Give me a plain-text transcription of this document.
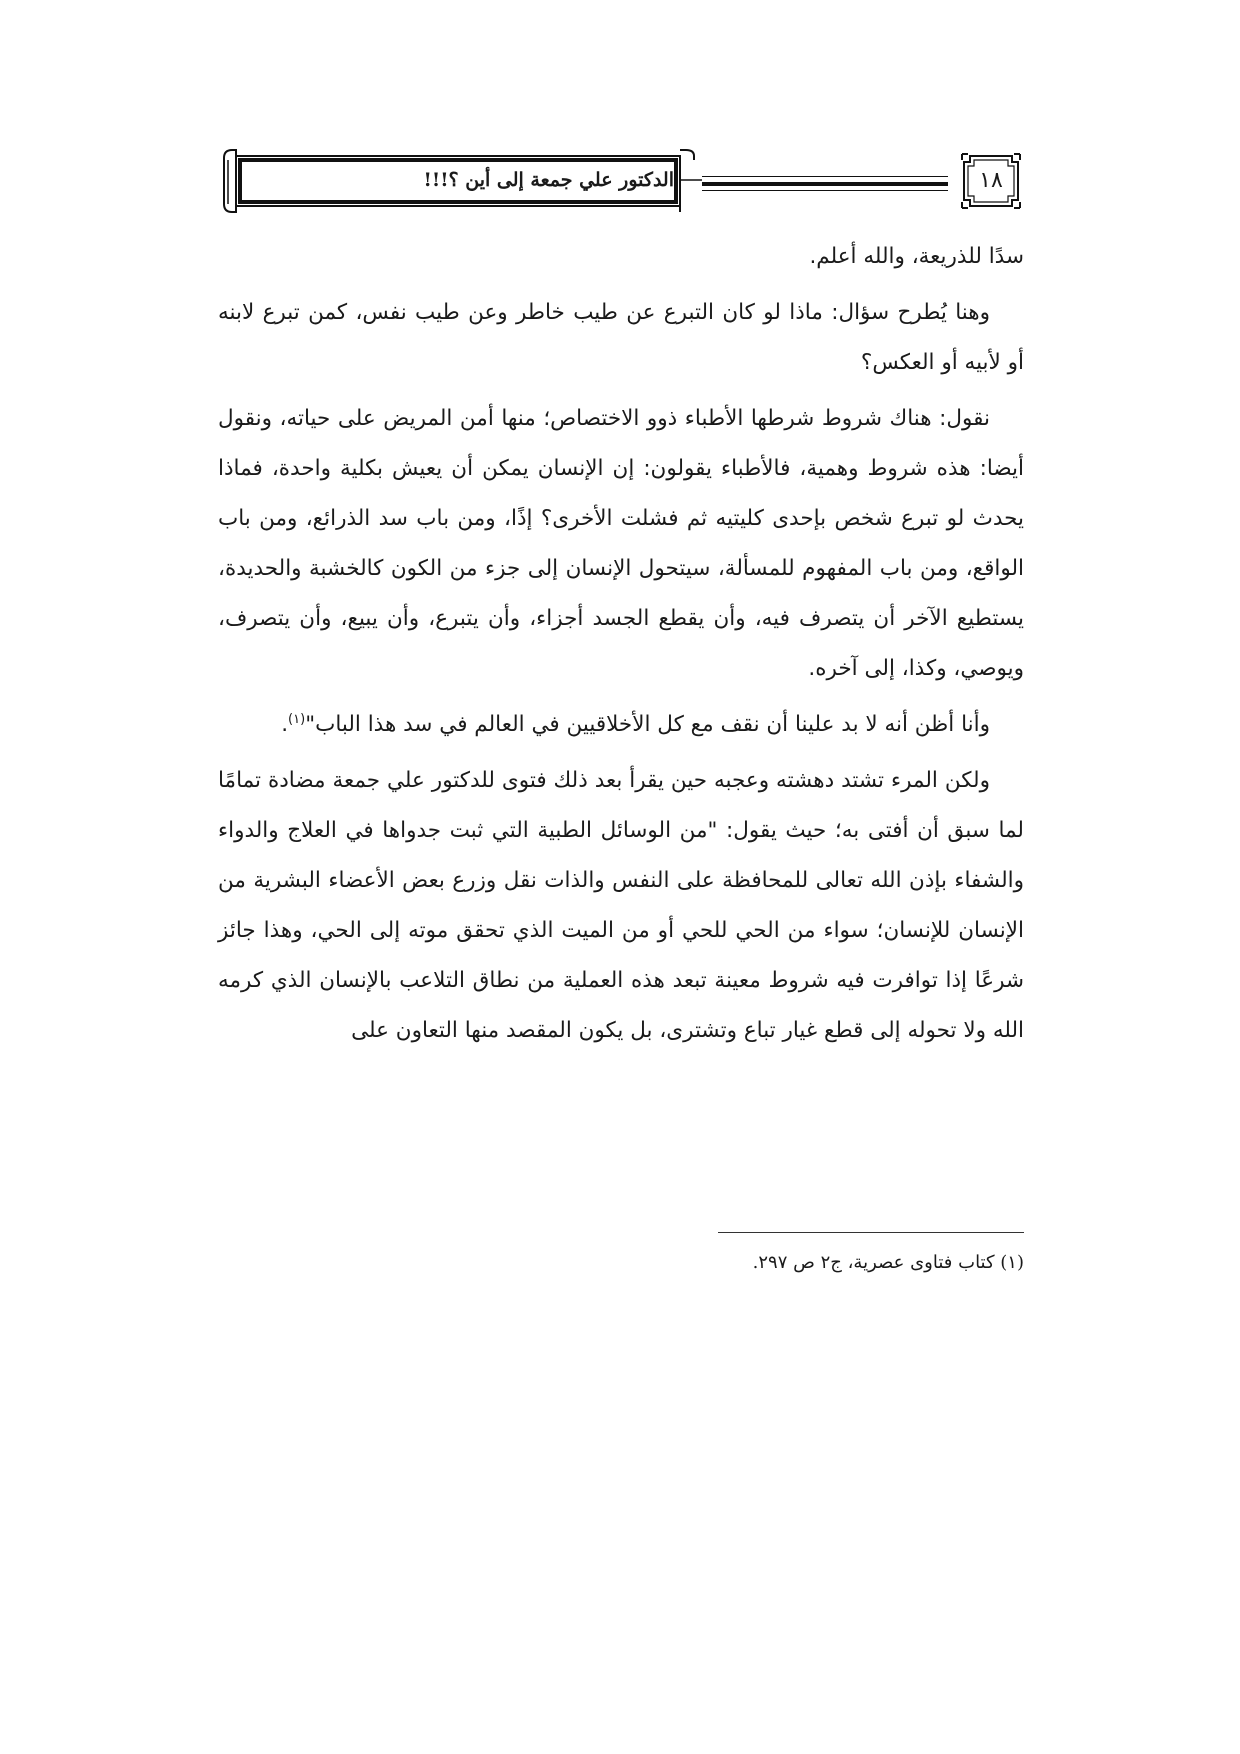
١٨
الدكتور علي جمعة إلى أين ؟!!!

سدًا للذريعة، والله أعلم.

وهنا يُطرح سؤال: ماذا لو كان التبرع عن طيب خاطر وعن طيب نفس، كمن تبرع لابنه أو لأبيه أو العكس؟

نقول: هناك شروط شرطها الأطباء ذوو الاختصاص؛ منها أمن المريض على حياته، ونقول أيضا: هذه شروط وهمية، فالأطباء يقولون: إن الإنسان يمكن أن يعيش بكلية واحدة، فماذا يحدث لو تبرع شخص بإحدى كليتيه ثم فشلت الأخرى؟ إذًا، ومن باب سد الذرائع، ومن باب الواقع، ومن باب المفهوم للمسألة، سيتحول الإنسان إلى جزء من الكون كالخشبة والحديدة، يستطيع الآخر أن يتصرف فيه، وأن يقطع الجسد أجزاء، وأن يتبرع، وأن يبيع، وأن يتصرف، ويوصي، وكذا، إلى آخره.

وأنا أظن أنه لا بد علينا أن نقف مع كل الأخلاقيين في العالم في سد هذا الباب"$^{(١)}$.

ولكن المرء تشتد دهشته وعجبه حين يقرأ بعد ذلك فتوى للدكتور علي جمعة مضادة تمامًا لما سبق أن أفتى به؛ حيث يقول: "من الوسائل الطبية التي ثبت جدواها في العلاج والدواء والشفاء بإذن الله تعالى للمحافظة على النفس والذات نقل وزرع بعض الأعضاء البشرية من الإنسان للإنسان؛ سواء من الحي للحي أو من الميت الذي تحقق موته إلى الحي، وهذا جائز شرعًا إذا توافرت فيه شروط معينة تبعد هذه العملية من نطاق التلاعب بالإنسان الذي كرمه الله ولا تحوله إلى قطع غيار تباع وتشترى، بل يكون المقصد منها التعاون على

(١) كتاب فتاوى عصرية، ج٢ ص ٢٩٧.
